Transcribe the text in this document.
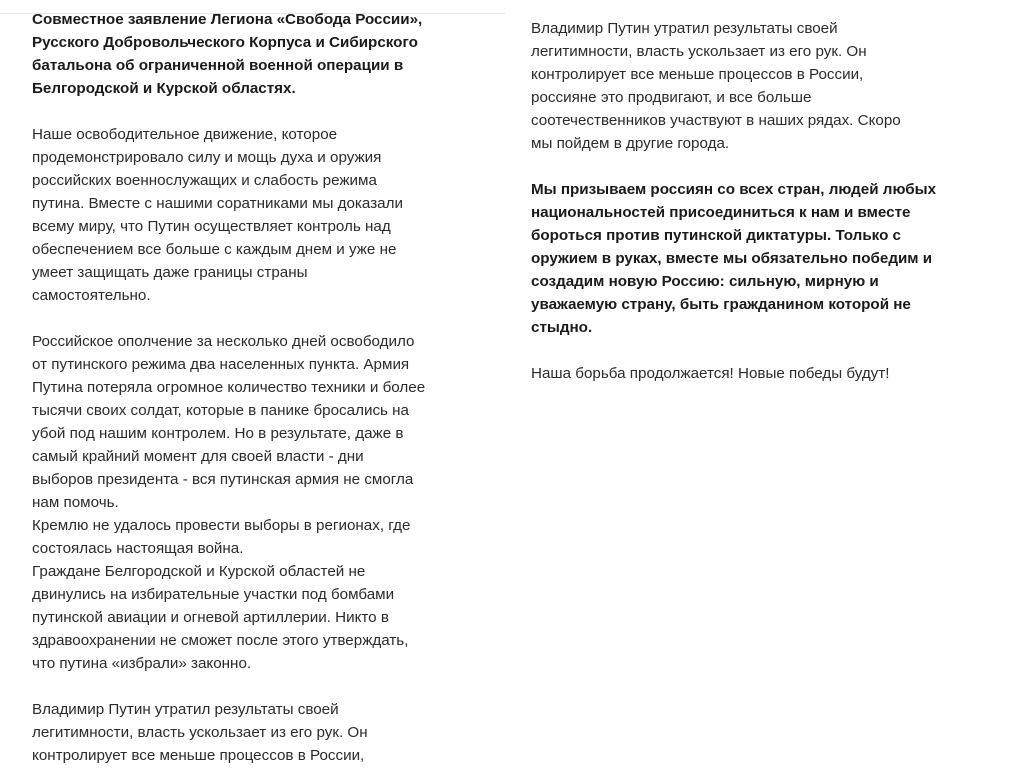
Совместное заявление Легиона «Свобода России»,
Русского Добровольческого Корпуса и Сибирского
батальона об ограниченной военной операции в
Белгородской и Курской областях.

Наше освободительное движение, которое
продемонстрировало силу и мощь духа и оружия
российских военнослужащих и слабость режима
путина. Вместе с нашими соратниками мы доказали
всему миру, что Путин осуществляет контроль над
обеспечением все больше с каждым днем и уже не
умеет защищать даже границы страны
самостоятельно.

Российское ополчение за несколько дней освободило
от путинского режима два населенных пункта. Армия
Путина потеряла огромное количество техники и более
тысячи своих солдат, которые в панике бросались на
убой под нашим контролем. Но в результате, даже в
самый крайний момент для своей власти - дни
выборов президента - вся путинская армия не смогла
нам помочь.

Кремлю не удалось провести выборы в регионах, где
состоялась настоящая война.

Граждане Белгородской и Курской областей не
двинулись на избирательные участки под бомбами
путинской авиации и огневой артиллерии. Никто в
здравоохранении не сможет после этого утверждать,
что путина «избрали» законно.

Владимир Путин утратил результаты своей
легитимности, власть ускользает из его рук. Он
контролирует все меньше процессов в России,

Владимир Путин утратил результаты своей
легитимности, власть ускользает из его рук. Он
контролирует все меньше процессов в России,
россияне это продвигают, и все больше
соотечественников участвуют в наших рядах. Скоро
мы пойдем в другие города.

Мы призываем россиян со всех стран, людей любых
национальностей присоединиться к нам и вместе
бороться против путинской диктатуры. Только с
оружием в руках, вместе мы обязательно победим и
создадим новую Россию: сильную, мирную и
уважаемую страну, быть гражданином которой не
стыдно.

Наша борьба продолжается! Новые победы будут!
